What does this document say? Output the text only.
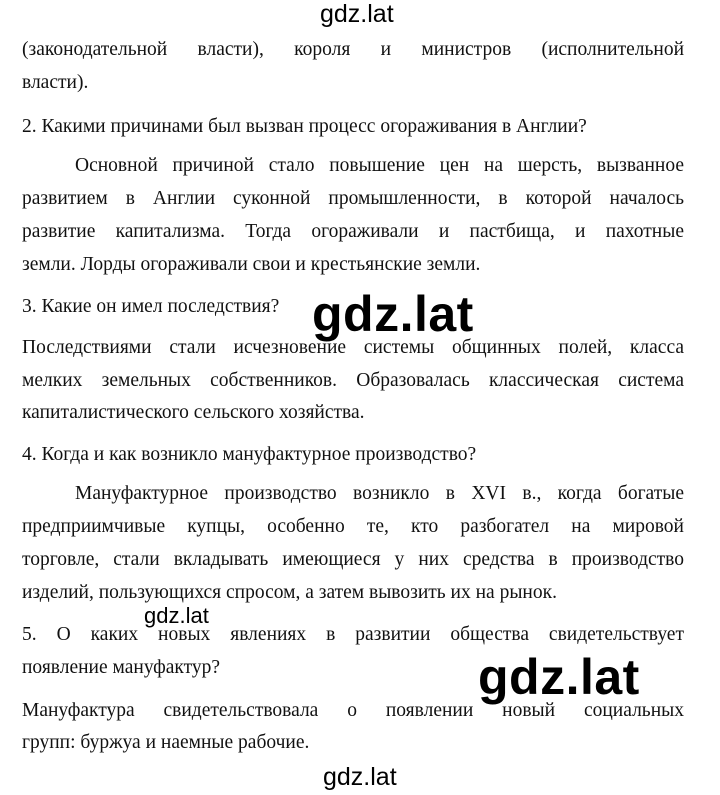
gdz.lat
(законодательной власти), короля и министров (исполнительной
власти).
2. Какими причинами был вызван процесс огораживания в Англии?
Основной причиной стало повышение цен на шерсть, вызванное
развитием в Англии суконной промышленности, в которой началось
развитие капитализма. Тогда огораживали и пастбища, и пахотные
земли. Лорды огораживали свои и крестьянские земли.
3. Какие он имел последствия? gdz.lat
Последствиями стали исчезновение системы общинных полей, класса
мелких земельных собственников. Образовалась классическая система
капиталистического сельского хозяйства.
4. Когда и как возникло мануфактурное производство?
Мануфактурное производство возникло в XVI в., когда богатые
предприимчивые купцы, особенно те, кто разбогател на мировой
торговле, стали вкладывать имеющиеся у них средства в производство
изделий, пользующихся спросом, а затем вывозить их на рынок.
gdz.lat
5. О каких новых явлениях в развитии общества свидетельствует
появление мануфактур?	gdz.lat
Мануфактура свидетельствовала о появлении новый социальных
групп: буржуа и наемные рабочие.
gdz.lat
